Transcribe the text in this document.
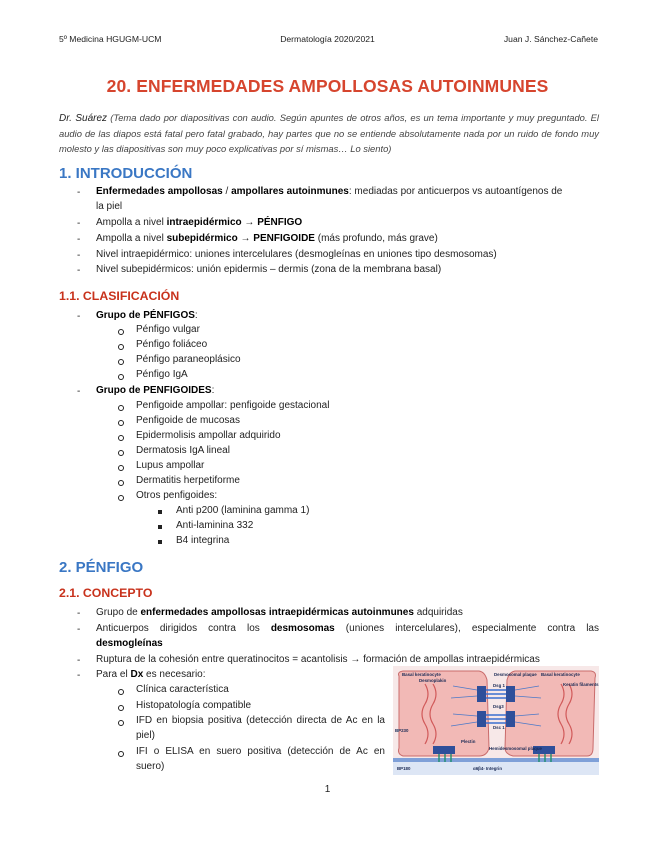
5º Medicina HGUGM-UCM	Dermatología 2020/2021	Juan J. Sánchez-Cañete
20. ENFERMEDADES AMPOLLOSAS AUTOINMUNES
Dr. Suárez (Tema dado por diapositivas con audio. Según apuntes de otros años, es un tema importante y muy preguntado. El audio de las diapos está fatal pero fatal grabado, hay partes que no se entiende absolutamente nada por un ruido de fondo muy molesto y las diapositivas son muy poco explicativas por sí mismas… Lo siento)
1. INTRODUCCIÓN
- Enfermedades ampollosas / ampollares autoinmunes: mediadas por anticuerpos vs autoantígenos de
la piel
- Ampolla a nivel intraepidérmico → PÉNFIGO
- Ampolla a nivel subepidérmico → PENFIGOIDE (más profundo, más grave)
- Nivel intraepidérmico: uniones intercelulares (desmogleínas en uniones tipo desmosomas)
- Nivel subepidérmicos: unión epidermis – dermis (zona de la membrana basal)
1.1. CLASIFICACIÓN
- Grupo de PÉNFIGOS:
Pénfigo vulgar
Pénfigo foliáceo
Pénfigo paraneoplásico
Pénfigo IgA
- Grupo de PENFIGOIDES:
Penfigoide ampollar: penfigoide gestacional
Penfigoide de mucosas
Epidermolisis ampollar adquirido
Dermatosis IgA lineal
Lupus ampollar
Dermatitis herpetiforme
Otros penfigoides:
Anti p200 (laminina gamma 1)
Anti-laminina 332
B4 integrina
2. PÉNFIGO
2.1. CONCEPTO
- Grupo de enfermedades ampollosas intraepidérmicas autoinmunes adquiridas
- Anticuerpos dirigidos contra los desmosomas (uniones intercelulares), especialmente contra las
desmogleínas
- Ruptura de la cohesión entre queratinocitos = acantolisis → formación de ampollas intraepidérmicas
- Para el Dx es necesario:
Clínica característica
Histopatología compatible
IFD en biopsia positiva (detección directa de Ac en la
piel)
IFI o ELISA en suero positiva (detección de Ac en
suero)
Basal keratinocyte	Basal keratinocyte
Desmoplakin
Desmosomal plaque
Dsg 1
Dsg3
Dsc 1
Keratin filaments
BP230
Plectin
Hemidesmosomal plaque
BP180	α6β4- Integrin
1
